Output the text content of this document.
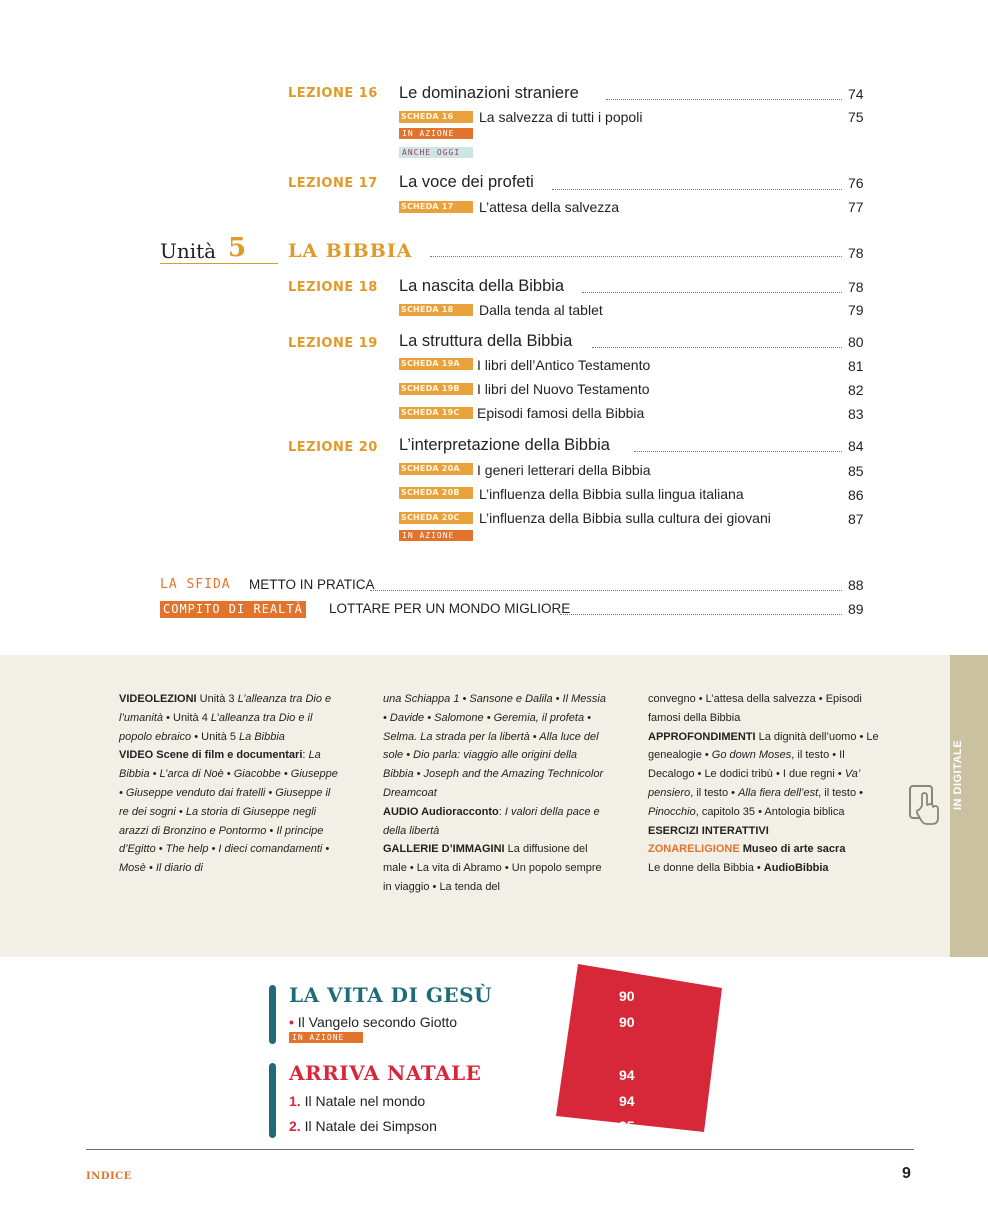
LEZIONE 16 Le dominazioni straniere	74
SCHEDA 16	La salvezza di tutti i popoli	75
IN AZIONE
ANCHE OGGI
LEZIONE 17 La voce dei profeti	76
SCHEDA 17	L’attesa della salvezza	77
Unità 5 LA BIBBIA	78
LEZIONE 18 La nascita della Bibbia	78
SCHEDA 18	Dalla tenda al tablet	79
LEZIONE 19 La struttura della Bibbia	80
SCHEDA 19A	I libri dell’Antico Testamento	81
SCHEDA 19B	I libri del Nuovo Testamento	82
SCHEDA 19C	Episodi famosi della Bibbia	83
LEZIONE 20 L’interpretazione della Bibbia	84
SCHEDA 20A	I generi letterari della Bibbia	85
SCHEDA 20B	L’influenza della Bibbia sulla lingua italiana	86
SCHEDA 20C	L’influenza della Bibbia sulla cultura dei giovani	87
IN AZIONE
LA SFIDA METTO IN PRATICA	88
COMPITO DI REALTÀ LOTTARE PER UN MONDO MIGLIORE	89
IN DIGITALE
VIDEOLEZIONI Unità 3 L’alleanza tra Dio e l’umanità • Unità 4 L’alleanza tra Dio e il popolo ebraico • Unità 5 La Bibbia
VIDEO Scene di film e documentari: La Bibbia • L’arca di Noè • Giacobbe • Giuseppe • Giuseppe venduto dai fratelli • Giuseppe il re dei sogni • La storia di Giuseppe negli arazzi di Bronzino e Pontormo • Il principe d’Egitto • The help • I dieci comandamenti • Mosè • Il diario di
una Schiappa 1 • Sansone e Dalila • Il Messia • Davide • Salomone • Geremia, il profeta • Selma. La strada per la libertà • Alla luce del sole • Dio parla: viaggio alle origini della Bibbia • Joseph and the Amazing Technicolor Dreamcoat
AUDIO Audioracconto: I valori della pace e della libertà
GALLERIE D’IMMAGINI La diffusione del male • La vita di Abramo • Un popolo sempre in viaggio • La tenda del
convegno • L’attesa della salvezza • Episodi famosi della Bibbia
APPROFONDIMENTI La dignità dell’uomo • Le genealogie • Go down Moses, il testo • Il Decalogo • Le dodici tribù • I due regni • Va’ pensiero, il testo • Alla fiera dell’est, il testo • Pinocchio, capitolo 35 • Antologia biblica
ESERCIZI INTERATTIVI
ZONARELIGIONE Museo di arte sacra
Le donne della Bibbia • AudioBibbia
LA VITA DI GESÙ	90
• Il Vangelo secondo Giotto	90
IN AZIONE
ARRIVA NATALE	94
1. Il Natale nel mondo	94
2. Il Natale dei Simpson	95
INDICE	9
